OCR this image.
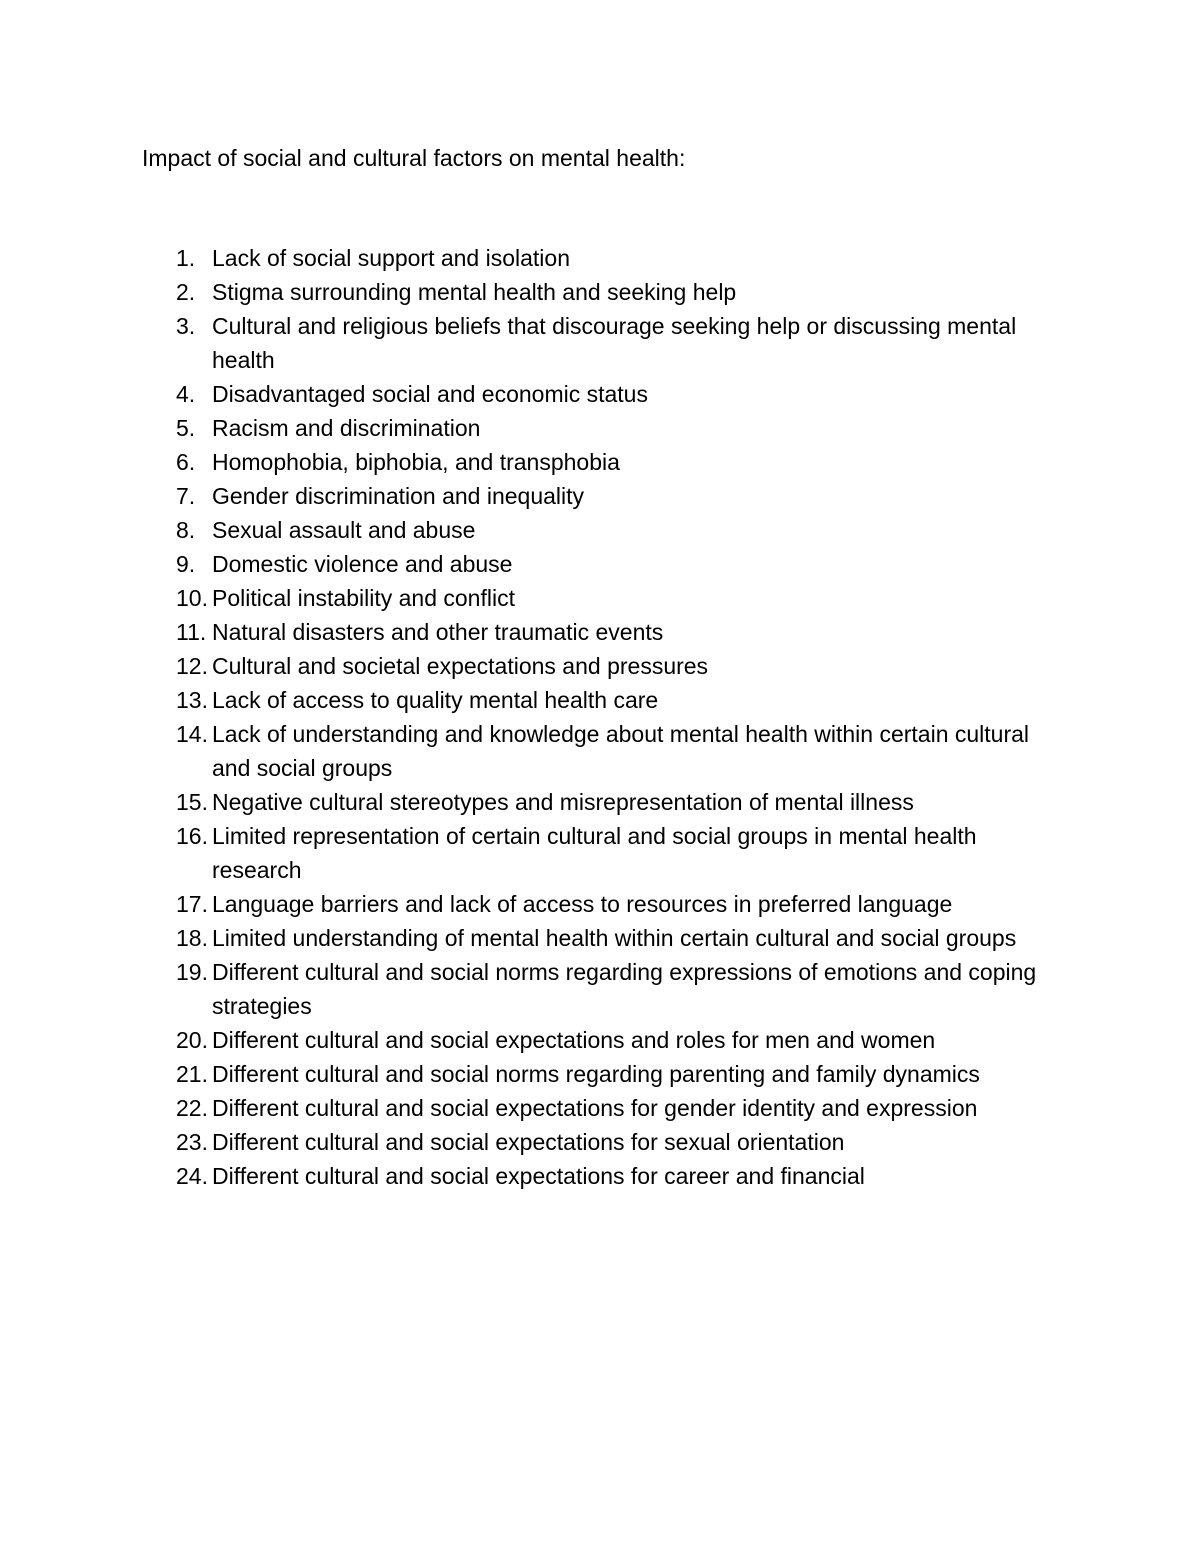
Impact of social and cultural factors on mental health:
1. Lack of social support and isolation
2. Stigma surrounding mental health and seeking help
3. Cultural and religious beliefs that discourage seeking help or discussing mental health
4. Disadvantaged social and economic status
5. Racism and discrimination
6. Homophobia, biphobia, and transphobia
7. Gender discrimination and inequality
8. Sexual assault and abuse
9. Domestic violence and abuse
10. Political instability and conflict
11. Natural disasters and other traumatic events
12. Cultural and societal expectations and pressures
13. Lack of access to quality mental health care
14. Lack of understanding and knowledge about mental health within certain cultural and social groups
15. Negative cultural stereotypes and misrepresentation of mental illness
16. Limited representation of certain cultural and social groups in mental health research
17. Language barriers and lack of access to resources in preferred language
18. Limited understanding of mental health within certain cultural and social groups
19. Different cultural and social norms regarding expressions of emotions and coping strategies
20. Different cultural and social expectations and roles for men and women
21. Different cultural and social norms regarding parenting and family dynamics
22. Different cultural and social expectations for gender identity and expression
23. Different cultural and social expectations for sexual orientation
24. Different cultural and social expectations for career and financial
